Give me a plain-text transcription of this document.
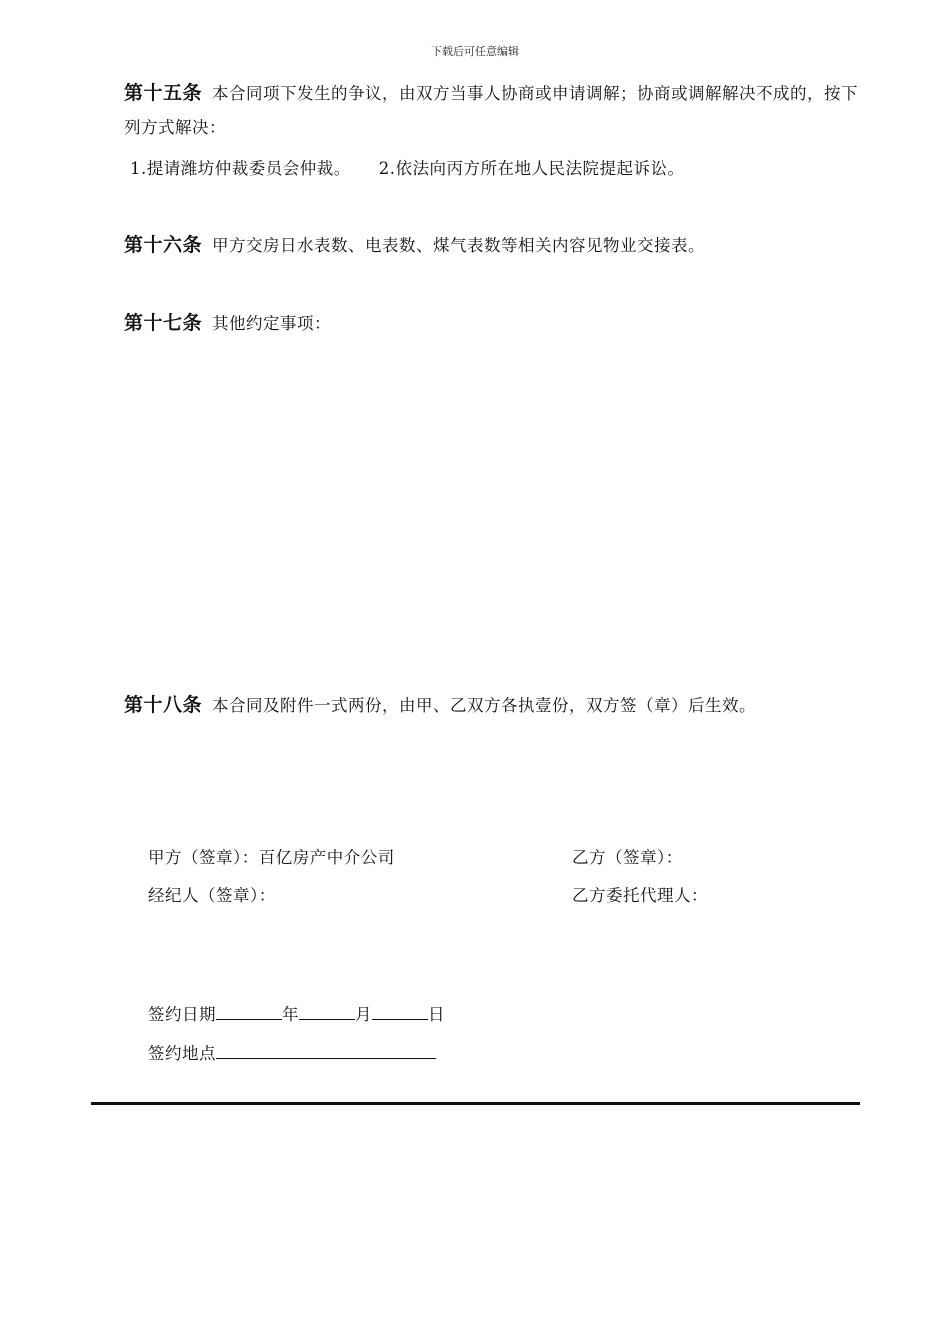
下载后可任意编辑
第十五条 本合同项下发生的争议，由双方当事人协商或申请调解；协商或调解解决不成的，按下列方式解决：
1.提请潍坊仲裁委员会仲裁。 2.依法向丙方所在地人民法院提起诉讼。
第十六条 甲方交房日水表数、电表数、煤气表数等相关内容见物业交接表。
第十七条 其他约定事项：
第十八条 本合同及附件一式两份，由甲、乙双方各执壹份，双方签（章）后生效。
甲方（签章）：百亿房产中介公司	乙方（签章）：
经纪人（签章）：	乙方委托代理人：
签约日期	年	月	日
签约地点
